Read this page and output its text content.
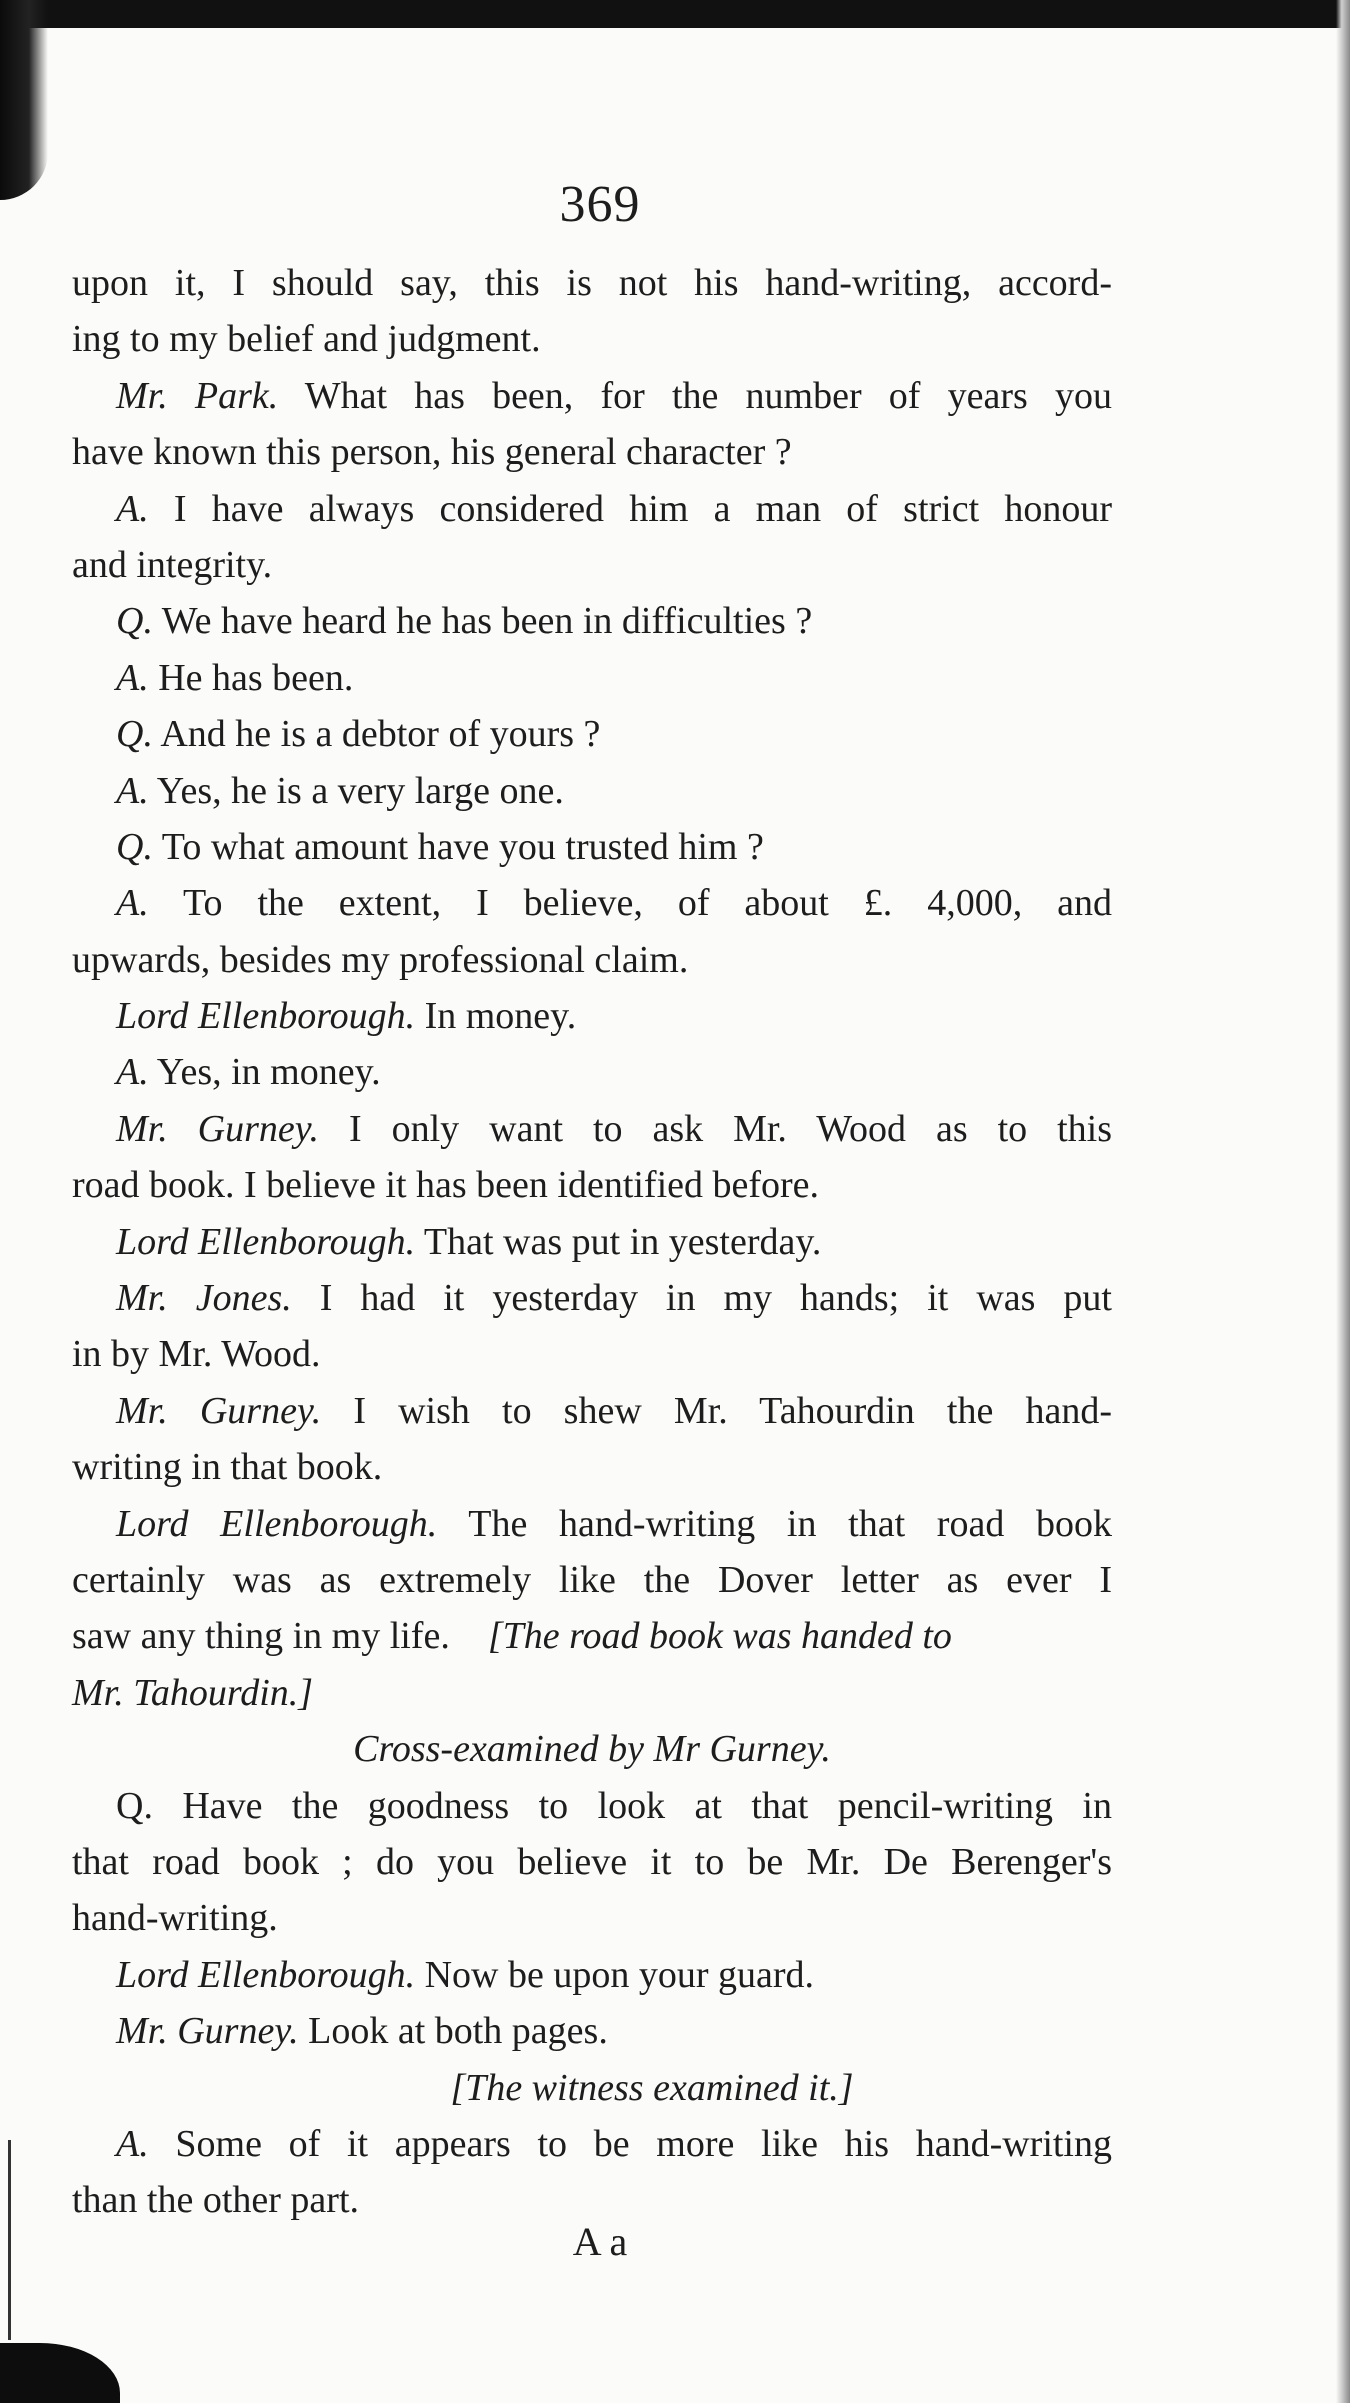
369
upon it, I should say, this is not his hand-writing, accord-
ing to my belief and judgment.
Mr. Park. What has been, for the number of years you
have known this person, his general character ?
A. I have always considered him a man of strict honour
and integrity.
Q. We have heard he has been in difficulties ?
A. He has been.
Q. And he is a debtor of yours ?
A. Yes, he is a very large one.
Q. To what amount have you trusted him ?
A. To the extent, I believe, of about £. 4,000, and
upwards, besides my professional claim.
Lord Ellenborough. In money.
A. Yes, in money.
Mr. Gurney. I only want to ask Mr. Wood as to this
road book. I believe it has been identified before.
Lord Ellenborough. That was put in yesterday.
Mr. Jones. I had it yesterday in my hands; it was put
in by Mr. Wood.
Mr. Gurney. I wish to shew Mr. Tahourdin the hand-
writing in that book.
Lord Ellenborough. The hand-writing in that road book
certainly was as extremely like the Dover letter as ever I
saw any thing in my life.    [The road book was handed to
Mr. Tahourdin.]
Cross-examined by Mr Gurney.
Q. Have the goodness to look at that pencil-writing in
that road book ; do you believe it to be Mr. De Berenger's
hand-writing.
Lord Ellenborough. Now be upon your guard.
Mr. Gurney. Look at both pages.
[The witness examined it.]
A. Some of it appears to be more like his hand-writing
than the other part.
A a
